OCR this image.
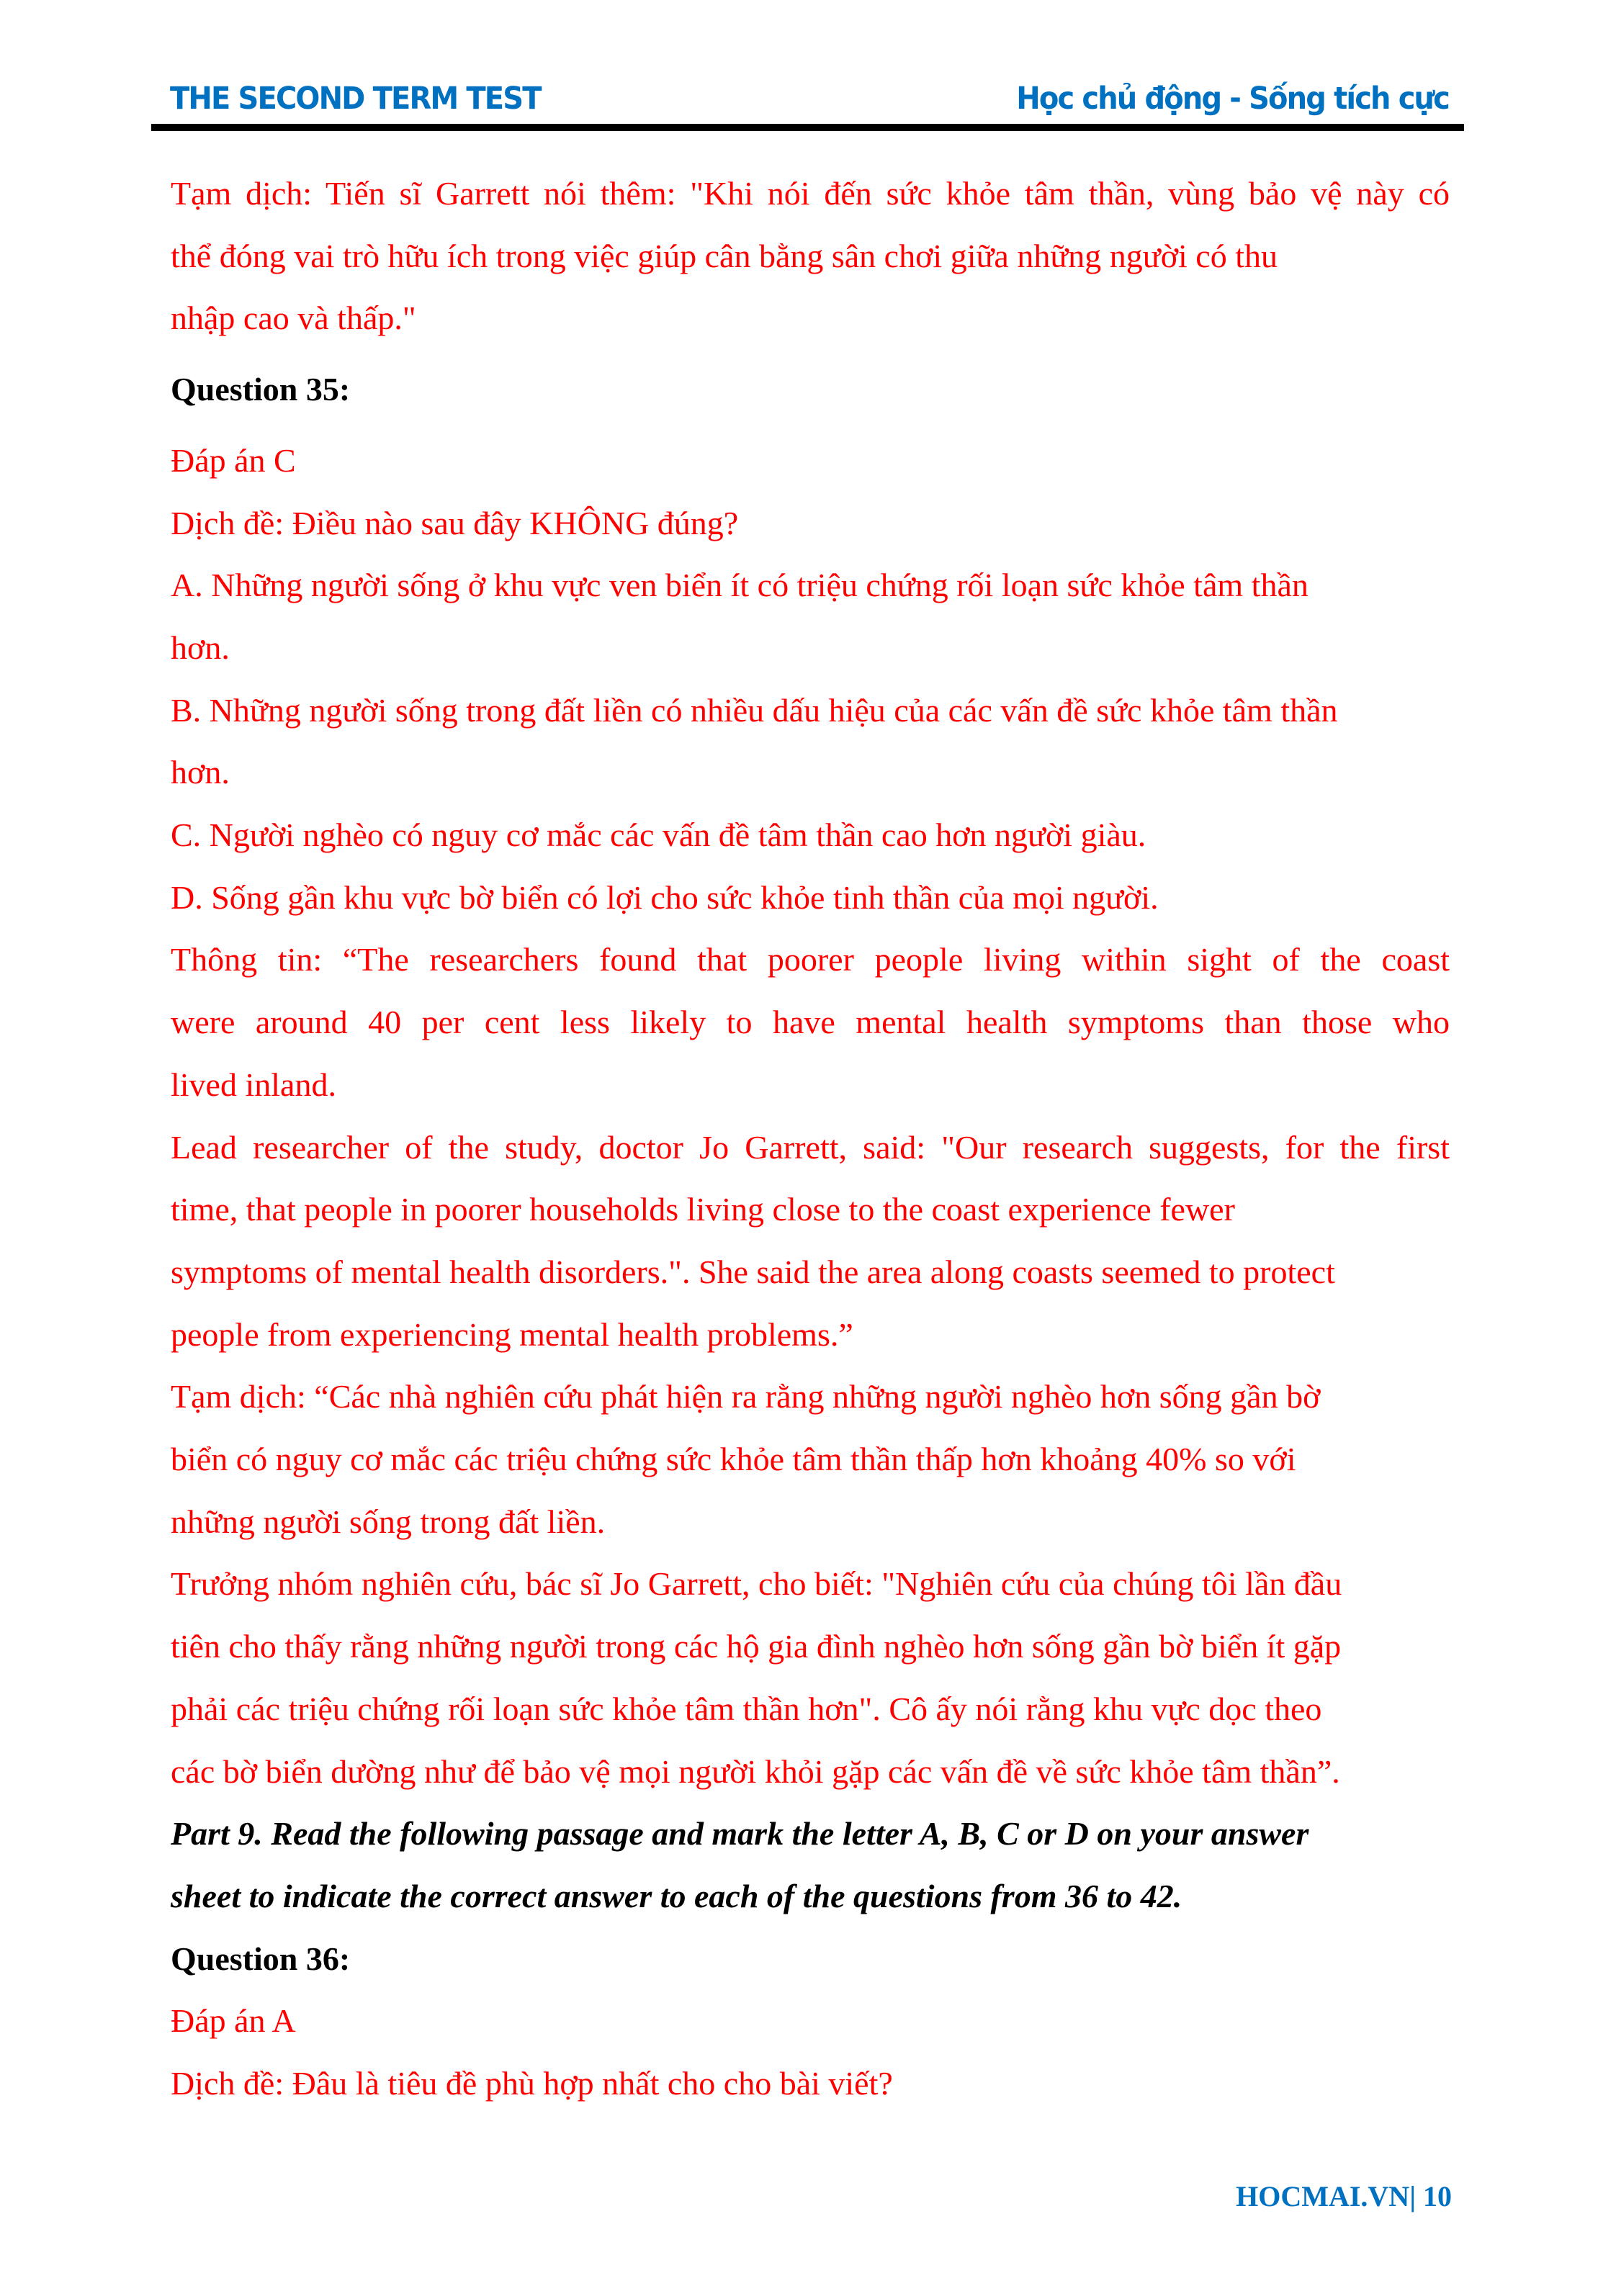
THE SECOND TERM TEST	Học chủ động - Sống tích cực
Tạm dịch: Tiến sĩ Garrett nói thêm: "Khi nói đến sức khỏe tâm thần, vùng bảo vệ này có
thể đóng vai trò hữu ích trong việc giúp cân bằng sân chơi giữa những người có thu
nhập cao và thấp."
Question 35:
Đáp án C
Dịch đề: Điều nào sau đây KHÔNG đúng?
A. Những người sống ở khu vực ven biển ít có triệu chứng rối loạn sức khỏe tâm thần
hơn.
B. Những người sống trong đất liền có nhiều dấu hiệu của các vấn đề sức khỏe tâm thần
hơn.
C. Người nghèo có nguy cơ mắc các vấn đề tâm thần cao hơn người giàu.
D. Sống gần khu vực bờ biển có lợi cho sức khỏe tinh thần của mọi người.
Thông tin: “The researchers found that poorer people living within sight of the coast
were around 40 per cent less likely to have mental health symptoms than those who
lived inland.
Lead researcher of the study, doctor Jo Garrett, said: "Our research suggests, for the first
time, that people in poorer households living close to the coast experience fewer
symptoms of mental health disorders.". She said the area along coasts seemed to protect
people from experiencing mental health problems.”
Tạm dịch: “Các nhà nghiên cứu phát hiện ra rằng những người nghèo hơn sống gần bờ
biển có nguy cơ mắc các triệu chứng sức khỏe tâm thần thấp hơn khoảng 40% so với
những người sống trong đất liền.
Trưởng nhóm nghiên cứu, bác sĩ Jo Garrett, cho biết: "Nghiên cứu của chúng tôi lần đầu
tiên cho thấy rằng những người trong các hộ gia đình nghèo hơn sống gần bờ biển ít gặp
phải các triệu chứng rối loạn sức khỏe tâm thần hơn". Cô ấy nói rằng khu vực dọc theo
các bờ biển dường như để bảo vệ mọi người khỏi gặp các vấn đề về sức khỏe tâm thần”.
Part 9. Read the following passage and mark the letter A, B, C or D on your answer
sheet to indicate the correct answer to each of the questions from 36 to 42.
Question 36:
Đáp án A
Dịch đề: Đâu là tiêu đề phù hợp nhất cho cho bài viết?
HOCMAI.VN| 10
